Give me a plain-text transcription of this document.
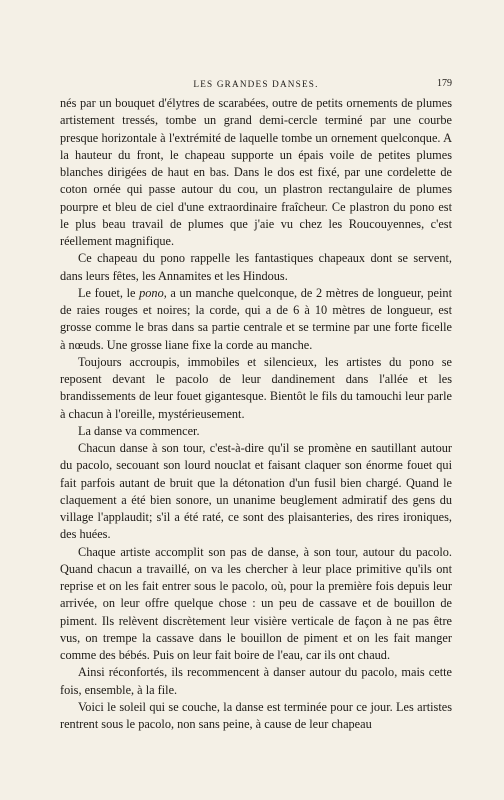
LES GRANDES DANSES.	179

nés par un bouquet d'élytres de scarabées, outre de petits ornements de plumes artistement tressés, tombe un grand demi-cercle terminé par une courbe presque horizontale à l'extrémité de laquelle tombe un ornement quelconque. A la hauteur du front, le chapeau supporte un épais voile de petites plumes blanches dirigées de haut en bas. Dans le dos est fixé, par une cordelette de coton ornée qui passe autour du cou, un plastron rectangulaire de plumes pourpre et bleu de ciel d'une extraordinaire fraîcheur. Ce plastron du pono est le plus beau travail de plumes que j'aie vu chez les Roucouyennes, c'est réellement magnifique.

Ce chapeau du pono rappelle les fantastiques chapeaux dont se servent, dans leurs fêtes, les Annamites et les Hindous.

Le fouet, le pono, a un manche quelconque, de 2 mètres de longueur, peint de raies rouges et noires; la corde, qui a de 6 à 10 mètres de longueur, est grosse comme le bras dans sa partie centrale et se termine par une forte ficelle à nœuds. Une grosse liane fixe la corde au manche.

Toujours accroupis, immobiles et silencieux, les artistes du pono se reposent devant le pacolo de leur dandinement dans l'allée et les brandissements de leur fouet gigantesque. Bientôt le fils du tamouchi leur parle à chacun à l'oreille, mystérieusement.

La danse va commencer.

Chacun danse à son tour, c'est-à-dire qu'il se promène en sautillant autour du pacolo, secouant son lourd nouclat et faisant claquer son énorme fouet qui fait parfois autant de bruit que la détonation d'un fusil bien chargé. Quand le claquement a été bien sonore, un unanime beuglement admiratif des gens du village l'applaudit; s'il a été raté, ce sont des plaisanteries, des rires ironiques, des huées.

Chaque artiste accomplit son pas de danse, à son tour, autour du pacolo. Quand chacun a travaillé, on va les chercher à leur place primitive qu'ils ont reprise et on les fait entrer sous le pacolo, où, pour la première fois depuis leur arrivée, on leur offre quelque chose : un peu de cassave et de bouillon de piment. Ils relèvent discrètement leur visière verticale de façon à ne pas être vus, on trempe la cassave dans le bouillon de piment et on les fait manger comme des bébés. Puis on leur fait boire de l'eau, car ils ont chaud.

Ainsi réconfortés, ils recommencent à danser autour du pacolo, mais cette fois, ensemble, à la file.

Voici le soleil qui se couche, la danse est terminée pour ce jour. Les artistes rentrent sous le pacolo, non sans peine, à cause de leur chapeau
